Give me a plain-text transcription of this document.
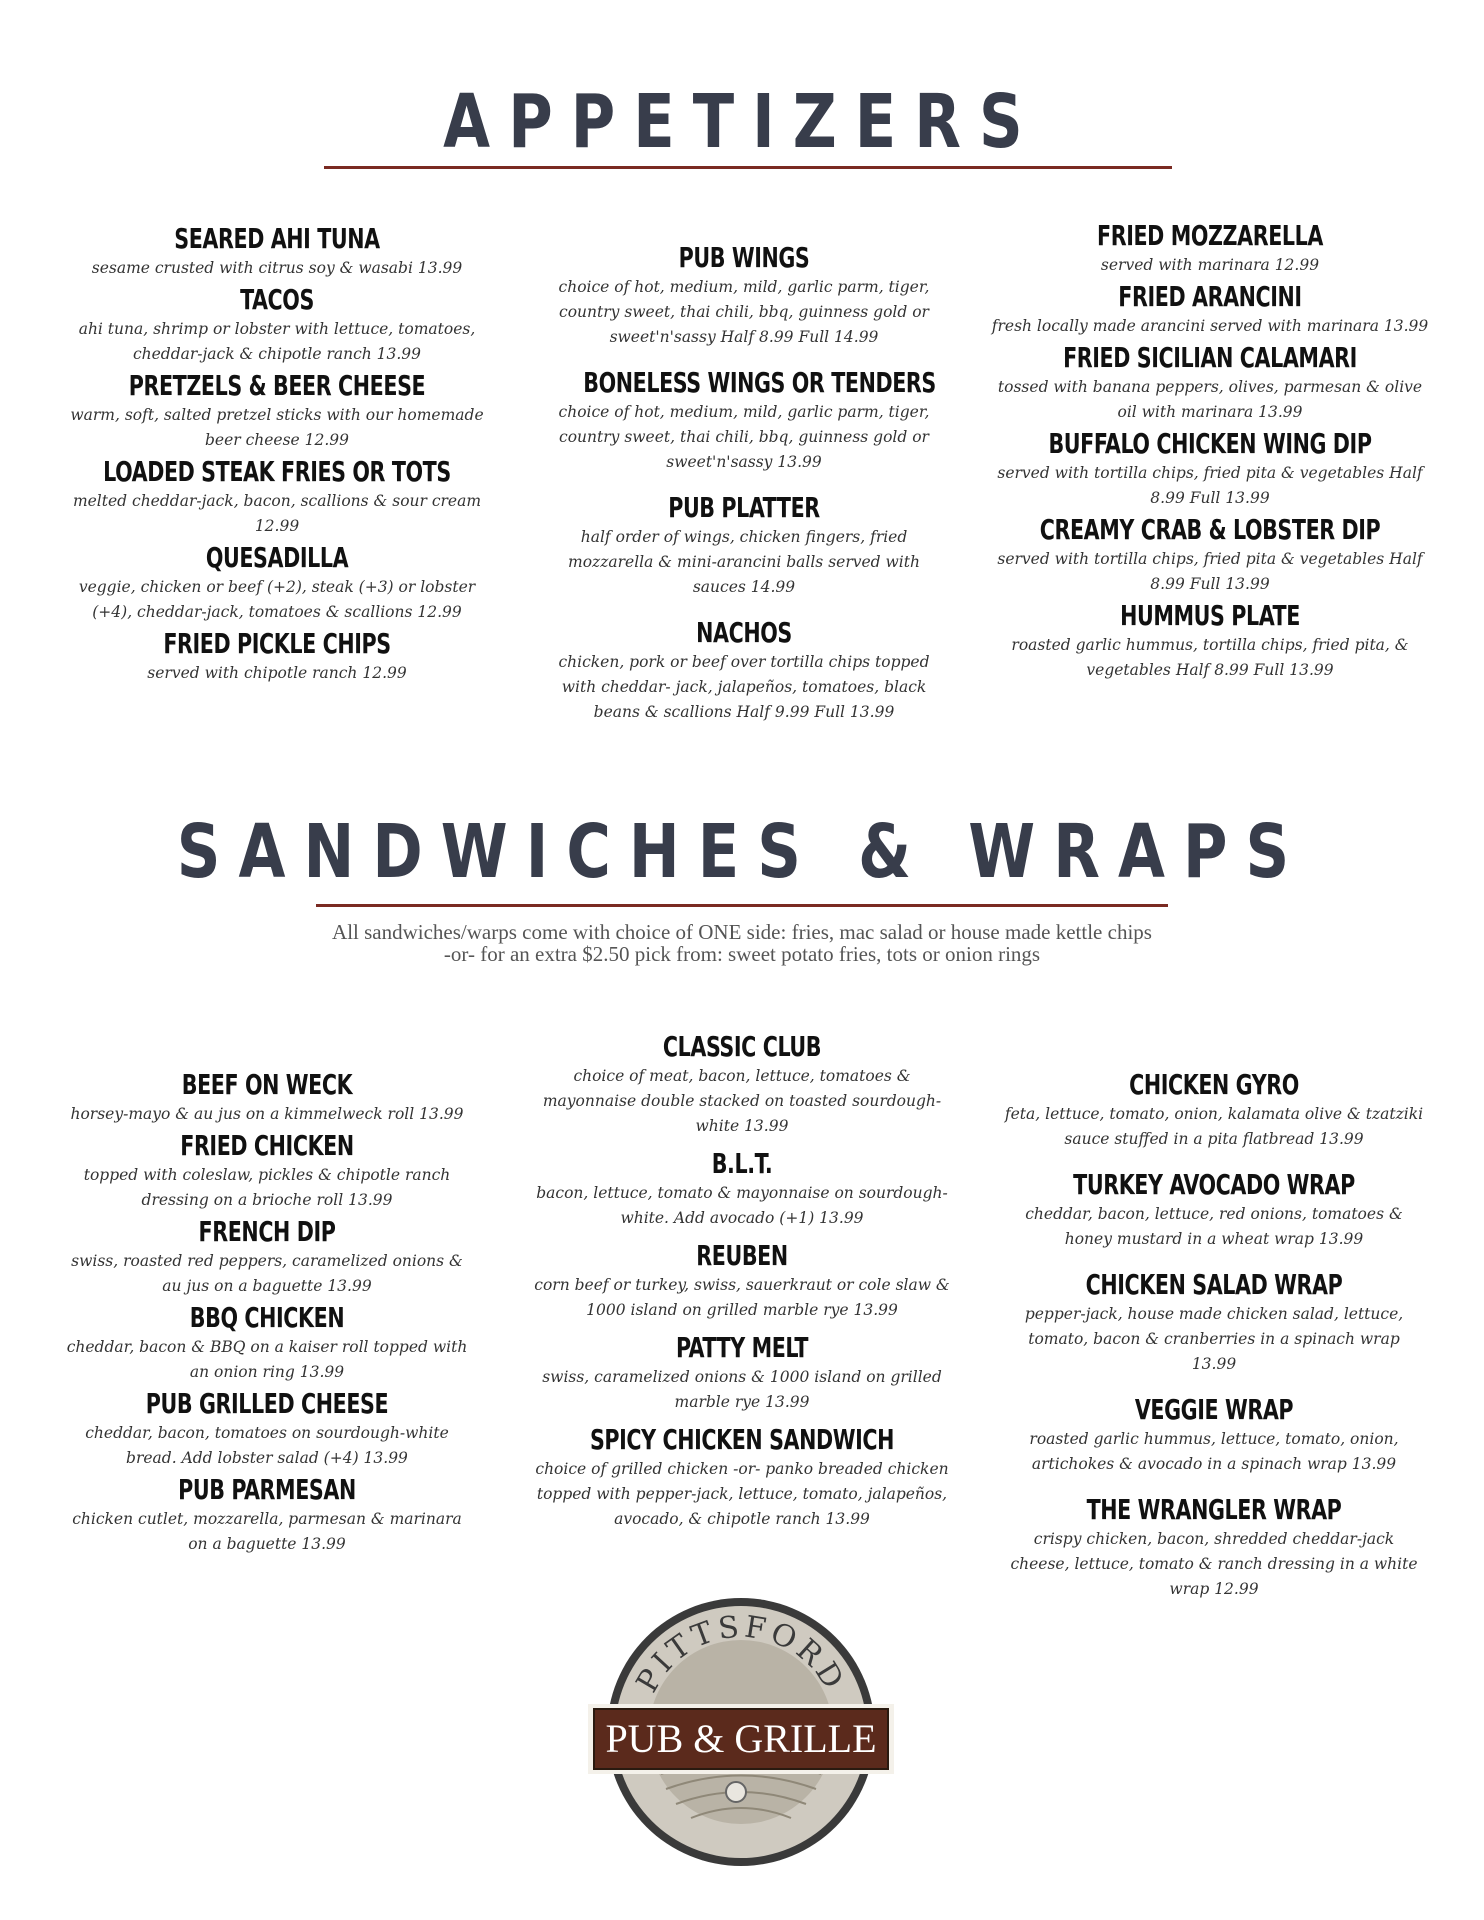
APPETIZERS
SEARED AHI TUNA
sesame crusted with citrus soy & wasabi 13.99
TACOS
ahi tuna, shrimp or lobster with lettuce, tomatoes, cheddar-jack & chipotle ranch 13.99
PRETZELS & BEER CHEESE
warm, soft, salted pretzel sticks with our homemade beer cheese 12.99
LOADED STEAK FRIES OR TOTS
melted cheddar-jack, bacon, scallions & sour cream 12.99
QUESADILLA
veggie, chicken or beef (+2), steak (+3) or lobster (+4), cheddar-jack, tomatoes & scallions 12.99
FRIED PICKLE CHIPS
served with chipotle ranch 12.99
PUB WINGS
choice of hot, medium, mild, garlic parm, tiger, country sweet, thai chili, bbq, guinness gold or sweet'n'sassy Half 8.99 Full 14.99
BONELESS WINGS OR TENDERS
choice of hot, medium, mild, garlic parm, tiger, country sweet, thai chili, bbq, guinness gold or sweet'n'sassy 13.99
PUB PLATTER
half order of wings, chicken fingers, fried mozzarella & mini-arancini balls served with sauces 14.99
NACHOS
chicken, pork or beef over tortilla chips topped with cheddar- jack, jalapeños, tomatoes, black beans & scallions Half 9.99 Full 13.99
FRIED MOZZARELLA
served with marinara 12.99
FRIED ARANCINI
fresh locally made arancini served with marinara 13.99
FRIED SICILIAN CALAMARI
tossed with banana peppers, olives, parmesan & olive oil with marinara 13.99
BUFFALO CHICKEN WING DIP
served with tortilla chips, fried pita & vegetables Half 8.99 Full 13.99
CREAMY CRAB & LOBSTER DIP
served with tortilla chips, fried pita & vegetables Half 8.99 Full 13.99
HUMMUS PLATE
roasted garlic hummus, tortilla chips, fried pita, & vegetables Half 8.99 Full 13.99
SANDWICHES & WRAPS
All sandwiches/warps come with choice of ONE side: fries, mac salad or house made kettle chips
-or- for an extra $2.50 pick from: sweet potato fries, tots or onion rings
BEEF ON WECK
horsey-mayo & au jus on a kimmelweck roll 13.99
FRIED CHICKEN
topped with coleslaw, pickles & chipotle ranch dressing on a brioche roll 13.99
FRENCH DIP
swiss, roasted red peppers, caramelized onions & au jus on a baguette 13.99
BBQ CHICKEN
cheddar, bacon & BBQ on a kaiser roll topped with an onion ring 13.99
PUB GRILLED CHEESE
cheddar, bacon, tomatoes on sourdough-white bread. Add lobster salad (+4) 13.99
PUB PARMESAN
chicken cutlet, mozzarella, parmesan & marinara on a baguette 13.99
CLASSIC CLUB
choice of meat, bacon, lettuce, tomatoes & mayonnaise double stacked on toasted sourdough-white 13.99
B.L.T.
bacon, lettuce, tomato & mayonnaise on sourdough-white. Add avocado (+1) 13.99
REUBEN
corn beef or turkey, swiss, sauerkraut or cole slaw & 1000 island on grilled marble rye 13.99
PATTY MELT
swiss, caramelized onions & 1000 island on grilled marble rye 13.99
SPICY CHICKEN SANDWICH
choice of grilled chicken -or- panko breaded chicken topped with pepper-jack, lettuce, tomato, jalapeños, avocado, & chipotle ranch 13.99
CHICKEN GYRO
feta, lettuce, tomato, onion, kalamata olive & tzatziki sauce stuffed in a pita flatbread 13.99
TURKEY AVOCADO WRAP
cheddar, bacon, lettuce, red onions, tomatoes & honey mustard in a wheat wrap 13.99
CHICKEN SALAD WRAP
pepper-jack, house made chicken salad, lettuce, tomato, bacon & cranberries in a spinach wrap 13.99
VEGGIE WRAP
roasted garlic hummus, lettuce, tomato, onion, artichokes & avocado in a spinach wrap 13.99
THE WRANGLER WRAP
crispy chicken, bacon, shredded cheddar-jack cheese, lettuce, tomato & ranch dressing in a white wrap 12.99
PITTSFORD
PUB & GRILLE
